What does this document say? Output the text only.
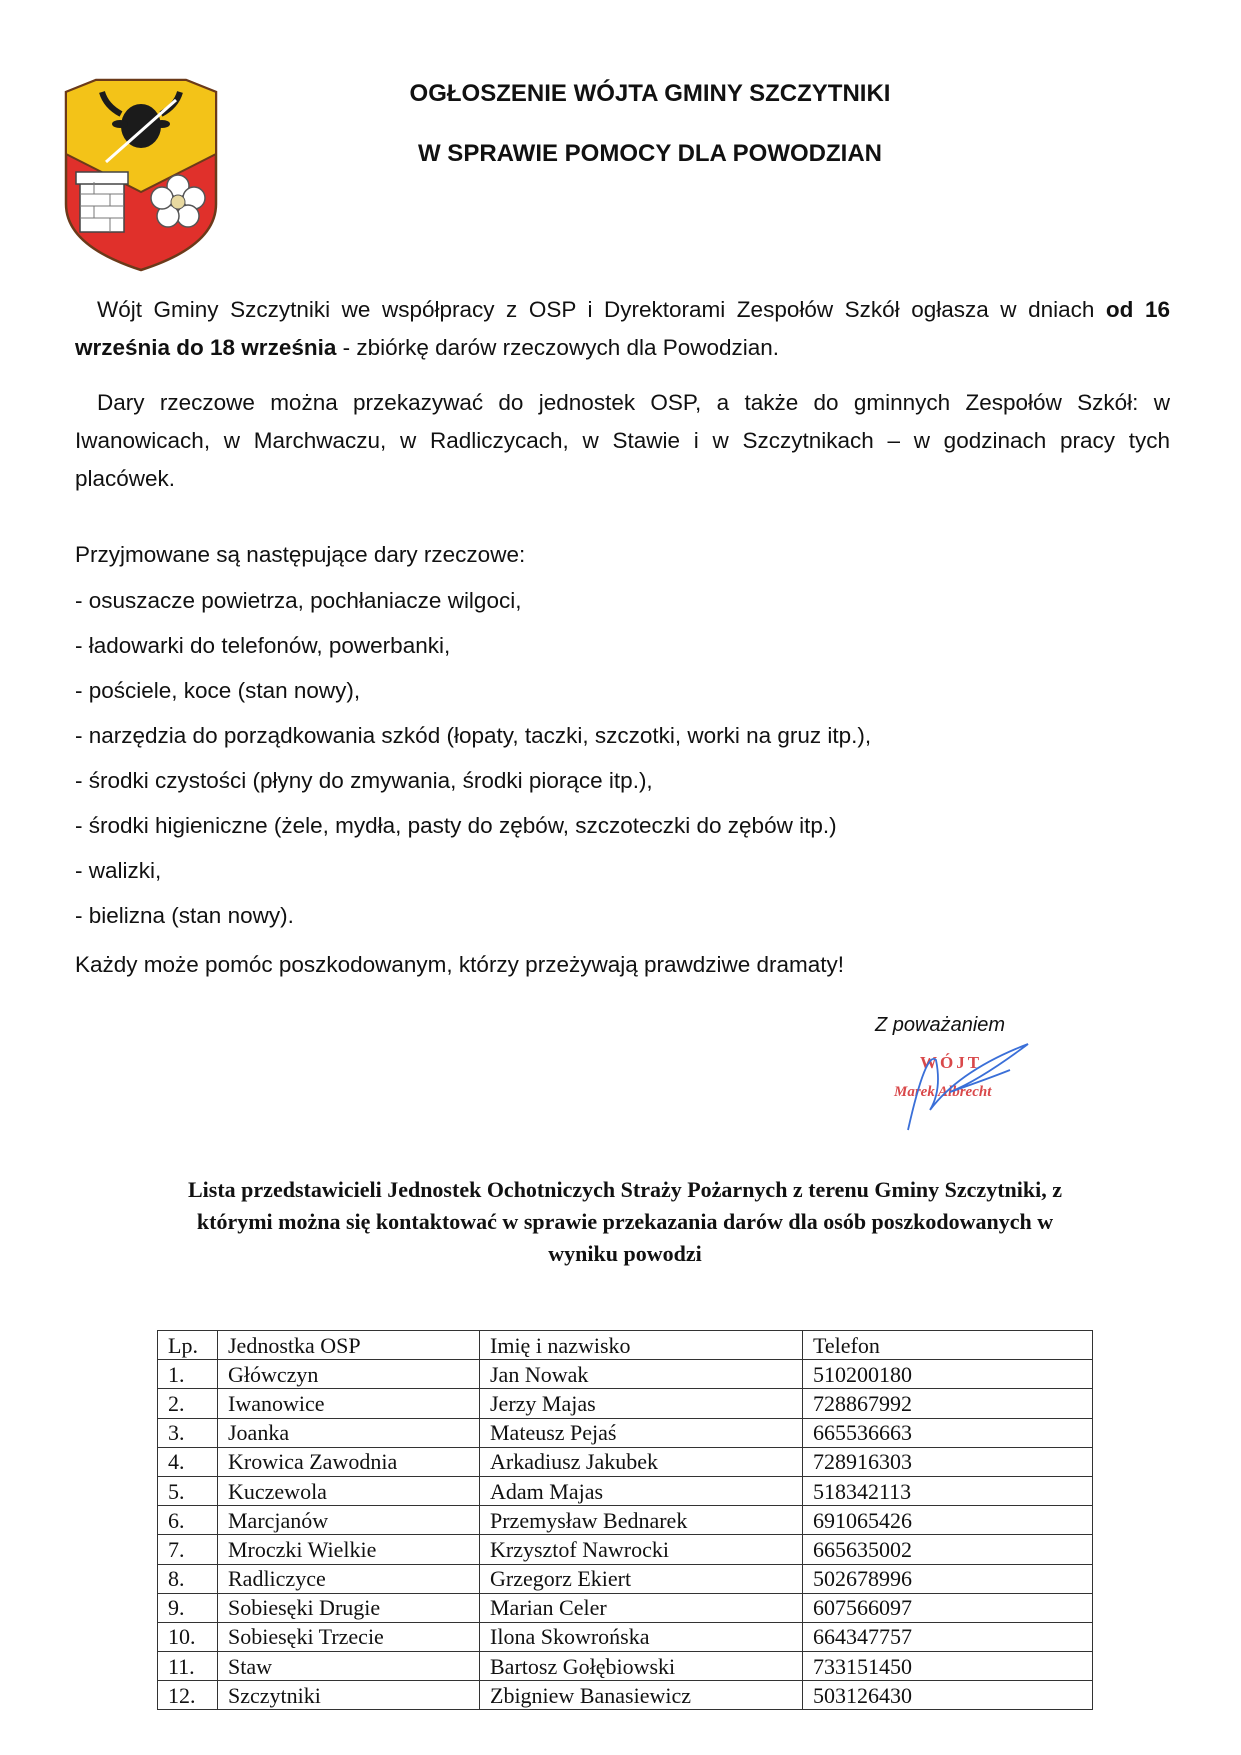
OGŁOSZENIE WÓJTA GMINY SZCZYTNIKI
W SPRAWIE POMOCY DLA POWODZIAN
Wójt Gminy Szczytniki we współpracy z OSP i Dyrektorami Zespołów Szkół ogłasza w dniach od 16 września do 18 września - zbiórkę darów rzeczowych dla Powodzian.
Dary rzeczowe można przekazywać do jednostek OSP, a także do gminnych Zespołów Szkół: w Iwanowicach, w Marchwaczu, w Radliczycach, w Stawie i w Szczytnikach – w godzinach pracy tych placówek.
Przyjmowane są następujące dary rzeczowe:
- osuszacze powietrza, pochłaniacze wilgoci,
- ładowarki do telefonów, powerbanki,
- pościele, koce (stan nowy),
- narzędzia do porządkowania szkód (łopaty, taczki, szczotki, worki na gruz itp.),
- środki czystości (płyny do zmywania, środki piorące itp.),
- środki higieniczne (żele, mydła, pasty do zębów, szczoteczki do zębów itp.)
- walizki,
- bielizna (stan nowy).
Każdy może pomóc poszkodowanym, którzy przeżywają prawdziwe dramaty!
Z poważaniem
WÓJT
Marek Albrecht
Lista przedstawicieli Jednostek Ochotniczych Straży Pożarnych z terenu Gminy Szczytniki, z którymi można się kontaktować w sprawie przekazania darów dla osób poszkodowanych w wyniku powodzi
Lp.	Jednostka OSP	Imię i nazwisko	Telefon
1.	Główczyn	Jan Nowak	510200180
2.	Iwanowice	Jerzy Majas	728867992
3.	Joanka	Mateusz Pejaś	665536663
4.	Krowica Zawodnia	Arkadiusz Jakubek	728916303
5.	Kuczewola	Adam Majas	518342113
6.	Marcjanów	Przemysław Bednarek	691065426
7.	Mroczki Wielkie	Krzysztof Nawrocki	665635002
8.	Radliczyce	Grzegorz Ekiert	502678996
9.	Sobiesęki Drugie	Marian Celer	607566097
10.	Sobiesęki Trzecie	Ilona Skowrońska	664347757
11.	Staw	Bartosz Gołębiowski	733151450
12.	Szczytniki	Zbigniew Banasiewicz	503126430
